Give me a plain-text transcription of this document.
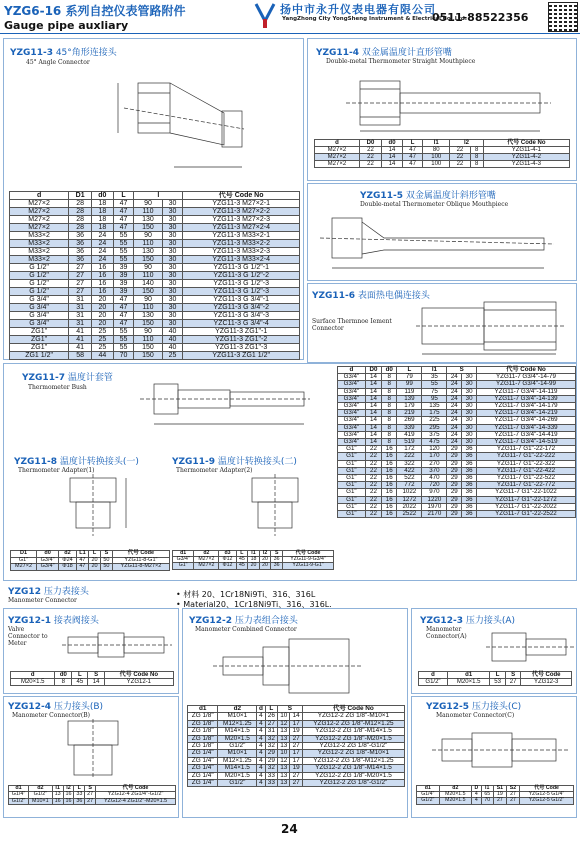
YZG6-16 系列自控仪表管路附件
Gauge pipe auxliary
扬中市永升仪表电器有限公司
YangZhong City YongSheng Instrument & Electrical Co.,Ltd.
0511-88522356
YZG11-3 45°角形连接头
45° Angle Connector
d	D1	d0	L	l		代号 Code No
M27×2	28	18	47	90	30	YZG11-3 M27×2-1
M27×2	28	18	47	110	30	YZG11-3 M27×2-2
M27×2	28	18	47	130	30	YZG11-3 M27×2-3
M27×2	28	18	47	150	30	YZG11-3 M27×2-4
M33×2	36	24	55	90	30	YZG11-3 M33×2-1
M33×2	36	24	55	110	30	YZG11-3 M33×2-2
M33×2	36	24	55	130	30	YZG11-3 M33×2-3
M33×2	36	24	55	150	30	YZG11-3 M33×2-4
G 1/2"	27	16	39	90	30	YZG11-3 G 1/2"-1
G 1/2"	27	16	39	110	30	YZG11-3 G 1/2"-2
G 1/2"	27	16	39	140	30	YZG11-3 G 1/2"-3
G 1/2"	27	16	39	150	30	YZG11-3 G 1/2"-3
G 3/4"	31	20	47	90	30	YZG11-3 G 3/4"-1
G 3/4"	31	20	47	110	30	YZG11-3 G 3/4"-2
G 3/4"	31	20	47	130	30	YZG11-3 G 3/4"-3
G 3/4"	31	20	47	150	30	YZC11-3 G 3/4"-4
ZG1"	41	25	55	90	40	YZG11-3 ZG1"-1
ZG1"	41	25	55	110	40	YZG11-3 ZG1"-2
ZG1"	41	25	55	150	40	YZG11-3 ZG1"-3
ZG1 1/2"	58	44	70	150	25	YZG11-3 ZG1 1/2"
YZG11-4 双金属温度计直形管嘴
Double-metal Thermometer Straight Mouthpiece
d	D0	d0	L	l1	l2		代号 Code No
M27×2	22	14	47	80	22	8	YZG11-4-1
M27×2	22	14	47	100	22	8	YZG11-4-2
M27×2	22	14	47	100	22	8	YZG11-4-3
YZG11-5 双金属温度计斜形管嘴
Double-metal Thermometer Oblique Mouthpiece
YZG11-6 表面热电偶连接头
Surface Thermnoe Iement Connector
YZG11-7 温度计套管
Thermometer Bush
d	D0	d0	L	l1	S		代号 Code No
G3/4"	14	8	79	35	24	30	YZG11-7 G3/4"-14-79
G3/4"	14	8	99	55	24	30	YZG11-7 G3/4"-14-99
G3/4"	14	8	119	75	24	30	YZG11-7 G3/4"-14-119
G3/4"	14	8	139	95	24	30	YZG11-7 G3/4"-14-139
G3/4"	14	8	179	135	24	30	YZG11-7 G3/4"-14-179
G3/4"	14	8	219	175	24	30	YZG11-7 G3/4"-14-219
G3/4"	14	8	269	225	24	30	YZG11-7 G3/4"-14-269
G3/4"	14	8	339	295	24	30	YZG11-7 G3/4"-14-339
G3/4"	14	8	419	375	24	30	YZG11-7 G3/4"-14-419
G3/4"	14	8	519	475	24	30	YZG11-7 G3/4"-14-519
G1"	22	16	172	120	29	36	YZG11-7 G1"-22-172
G1"	22	16	222	170	29	36	YZG11-7 G1"-22-222
G1"	22	16	322	270	29	36	YZG11-7 G1"-22-322
G1"	22	16	422	370	29	36	YZG11-7 G1"-22-422
G1"	22	16	522	470	29	36	YZG11-7 G1"-22-522
G1"	22	16	772	720	29	36	YZG11-7 G1"-22-772
G1"	22	16	1022	970	29	36	YZG11-7 G1"-22-1022
G1"	22	16	1272	1220	29	36	YZG11-7 G1"-22-1272
G1"	22	16	2022	1970	29	36	YZG11-7 G1"-22-2022
G1"	22	16	2522	2170	29	36	YZG11-7 G1"-22-2522
YZG11-8 温度计转换接头(一)
Thermometer Adapter(1)
D1	d0	d2	L1	L	S	代号 Code
G1"	G3/4"	Φ24	47	20	50	YZG11-8-G1"
M27×2	G3/4"	Φ18	47	20	50	YZG11-8-M27×2
YZG11-9 温度计转换接头(二)
Thermometer Adapter(2)
d1	d2	d3	L	l1	l2	S	代号 Code
G3/4"	M27×2	Φ12	45	18	20	36	YZG11-9-G3/4"
G1"	M27×2	Φ12	45	20	20	36	YZG11-9-G1"
YZG12 压力表接头
Manometer Connector
• 材料 20、1Cr18Ni9Ti、316、316L
• Material20、1Cr18Ni9Ti、316、316L.
YZG12-1 接表阀接头
Valve Connector to Meter
d	d0	L	S	代号 Code No
M20×1.5	8	45	14	YZG12-1
YZG12-2 压力表组合接头
Manometer Combined Connector
d1	d2	d	L	S		代号 Code No
ZG 1/8"	M10×1	4	26	10	14	YZG12-2 ZG 1/8"-M10×1
ZG 1/8"	M12×1.25	4	27	12	17	YZG12-2 ZG 1/8"-M12×1.25
ZG 1/8"	M14×1.5	4	31	13	19	YZG12-2 ZG 1/8"-M14×1.5
ZG 1/8"	M20×1.5	4	32	13	27	YZG12-2 ZG 1/8"-M20×1.5
ZG 1/8"	G1/2"	4	32	13	27	YZG12-2 ZG 1/8"-G1/2"
ZG 1/4"	M10×1	4	29	10	17	YZG12-2 ZG 1/8"-M10×1
ZG 1/4"	M12×1.25	4	29	12	17	YZG12-2 ZG 1/8"-M12×1.25
ZG 1/4"	M14×1.5	4	32	13	19	YZG12-2 ZG 1/8"-M14×1.5
ZG 1/4"	M20×1.5	4	33	13	27	YZG12-2 ZG 1/8"-M20×1.5
ZG 1/4"	G1/2"	4	33	13	27	YZG12-2 ZG 1/8"-G1/2"
YZG12-3 压力接头(A)
Manometer Connector(A)
d	d1	L	S	代号 Code
G1/2"	M20×1.5	53	27	YZG12-3
YZG12-4 压力接头(B)
Manometer Connector(B)
d1	d2	l1	l2	L	S	代号 Code
G1/4"	G1/2"	13	16	33	27	YZG12-4 ZG1/4"-G1/2"
G1/2"	M10×1	16	16	36	27	YZG12-4 ZG1/2"-M20×1.5
YZG12-5 压力接头(C)
Manometer Connector(C)
d1	d2	D	l1	S1	S2	代号 Code
G1/4"	M20×1.5	4	65	19	27	YZG12-5 G1/4"
G1/2"	M20×1.5	4	70	27	27	YZG12-5 G1/2"
24
